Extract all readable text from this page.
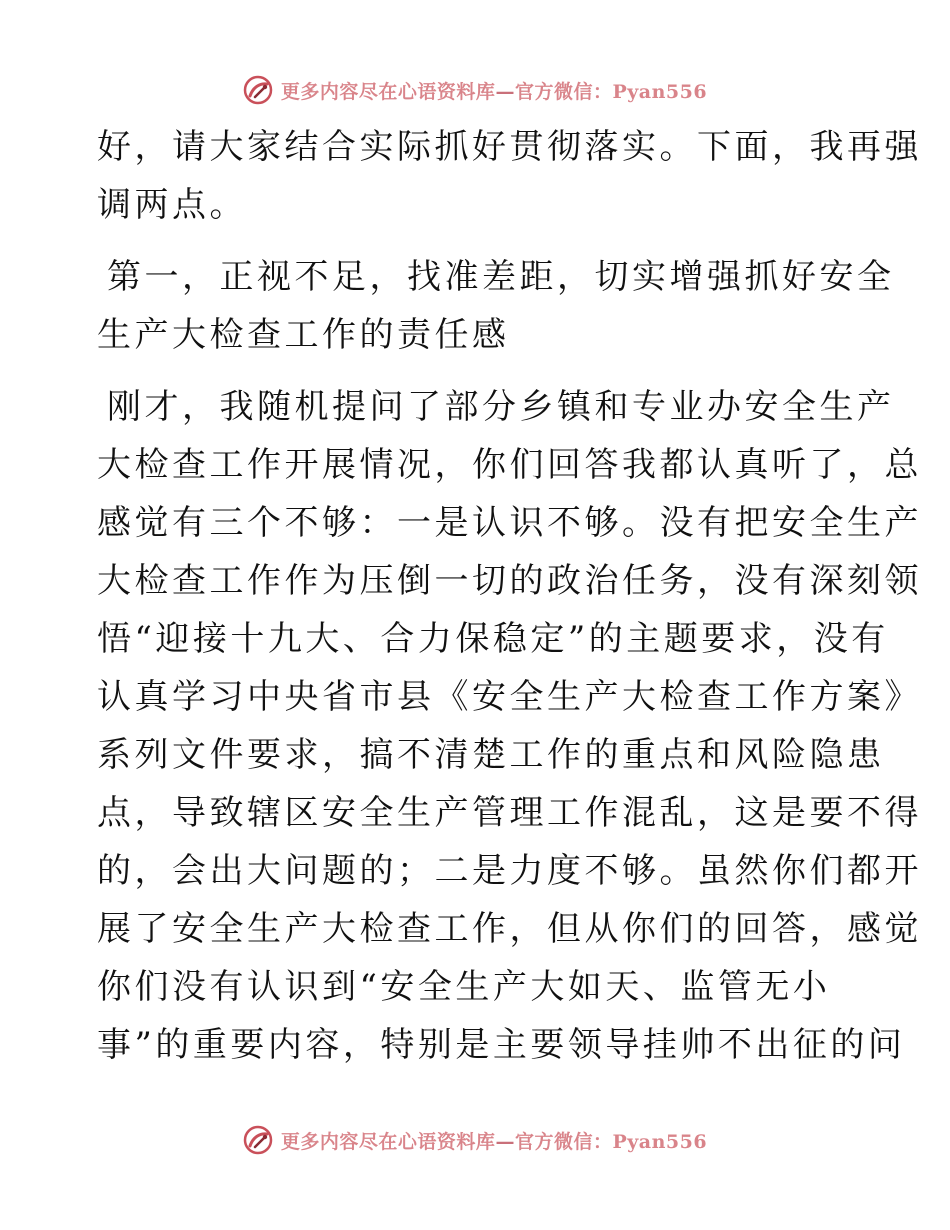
更多内容尽在心语资料库—官方微信：Pyan556

好，请大家结合实际抓好贯彻落实。下面，我再强
调两点。

第一，正视不足，找准差距，切实增强抓好安全
生产大检查工作的责任感

刚才，我随机提问了部分乡镇和专业办安全生产
大检查工作开展情况，你们回答我都认真听了，总
感觉有三个不够：一是认识不够。没有把安全生产
大检查工作作为压倒一切的政治任务，没有深刻领
悟“迎接十九大、合力保稳定”的主题要求，没有
认真学习中央省市县《安全生产大检查工作方案》
系列文件要求，搞不清楚工作的重点和风险隐患
点，导致辖区安全生产管理工作混乱，这是要不得
的，会出大问题的；二是力度不够。虽然你们都开
展了安全生产大检查工作，但从你们的回答，感觉
你们没有认识到“安全生产大如天、监管无小
事”的重要内容，特别是主要领导挂帅不出征的问

更多内容尽在心语资料库—官方微信：Pyan556
